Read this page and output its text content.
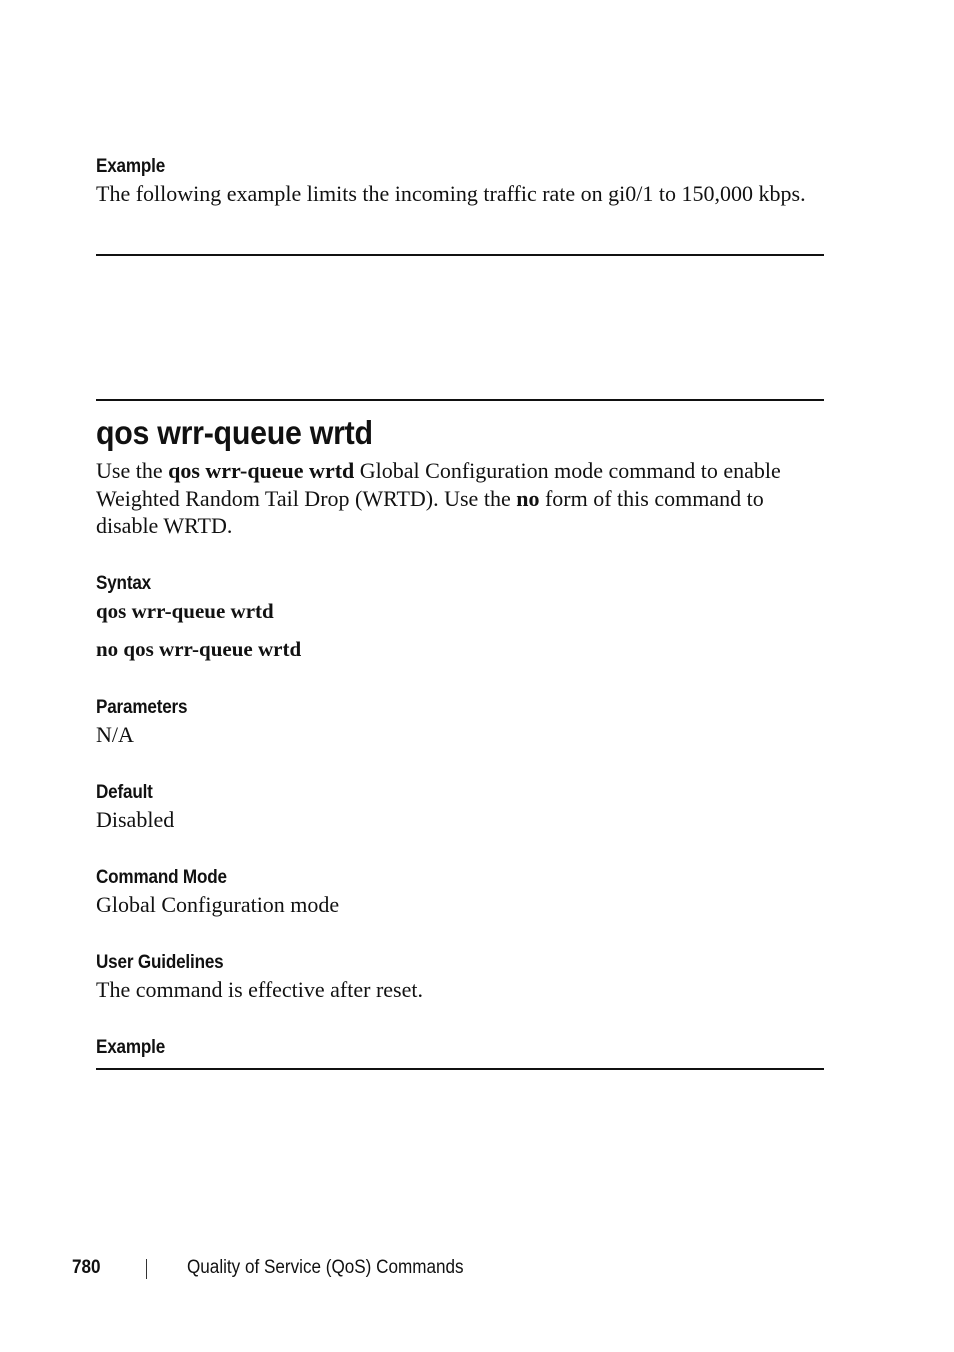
Example
The following example limits the incoming traffic rate on gi0/1 to 150,000 kbps.
qos wrr-queue wrtd
Use the qos wrr-queue wrtd Global Configuration mode command to enable Weighted Random Tail Drop (WRTD). Use the no form of this command to disable WRTD.
Syntax
qos wrr-queue wrtd
no qos wrr-queue wrtd
Parameters
N/A
Default
Disabled
Command Mode
Global Configuration mode
User Guidelines
The command is effective after reset.
Example
780	Quality of Service (QoS) Commands
